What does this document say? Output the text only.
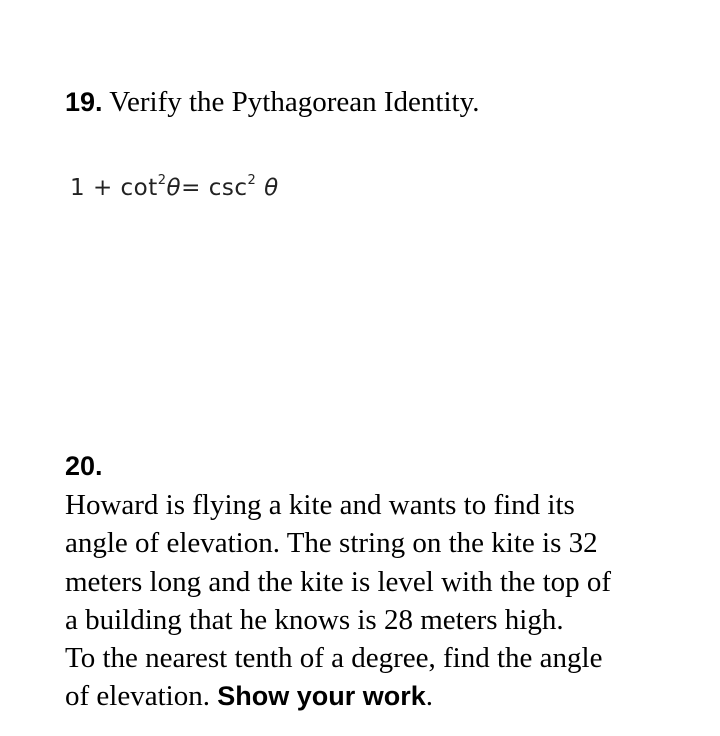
19. Verify the Pythagorean Identity.
$1 + \cot^2\theta= \csc^2 \theta$
20.
Howard is flying a kite and wants to find its
angle of elevation. The string on the kite is 32
meters long and the kite is level with the top of
a building that he knows is 28 meters high.
To the nearest tenth of a degree, find the angle
of elevation. Show your work.
